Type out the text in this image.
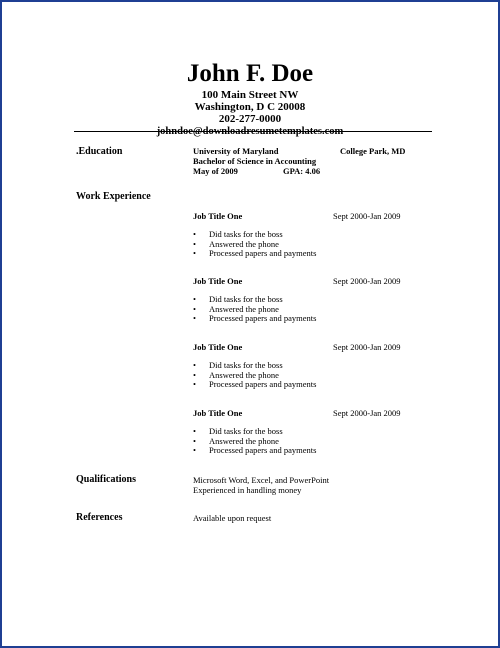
John F. Doe
100 Main Street NW
Washington, D C 20008
202-277-0000
johndoe@downloadresumetemplates.com
.Education	University of Maryland	College Park, MD
Bachelor of Science in Accounting
May of 2009	GPA: 4.06
Work Experience
Job Title One	Sept 2000-Jan 2009
• Did tasks for the boss
• Answered the phone
• Processed papers and payments
Job Title One	Sept 2000-Jan 2009
• Did tasks for the boss
• Answered the phone
• Processed papers and payments
Job Title One	Sept 2000-Jan 2009
• Did tasks for the boss
• Answered the phone
• Processed papers and payments
Job Title One	Sept 2000-Jan 2009
• Did tasks for the boss
• Answered the phone
• Processed papers and payments
Qualifications	Microsoft Word, Excel, and PowerPoint
Experienced in handling money
References	Available upon request
